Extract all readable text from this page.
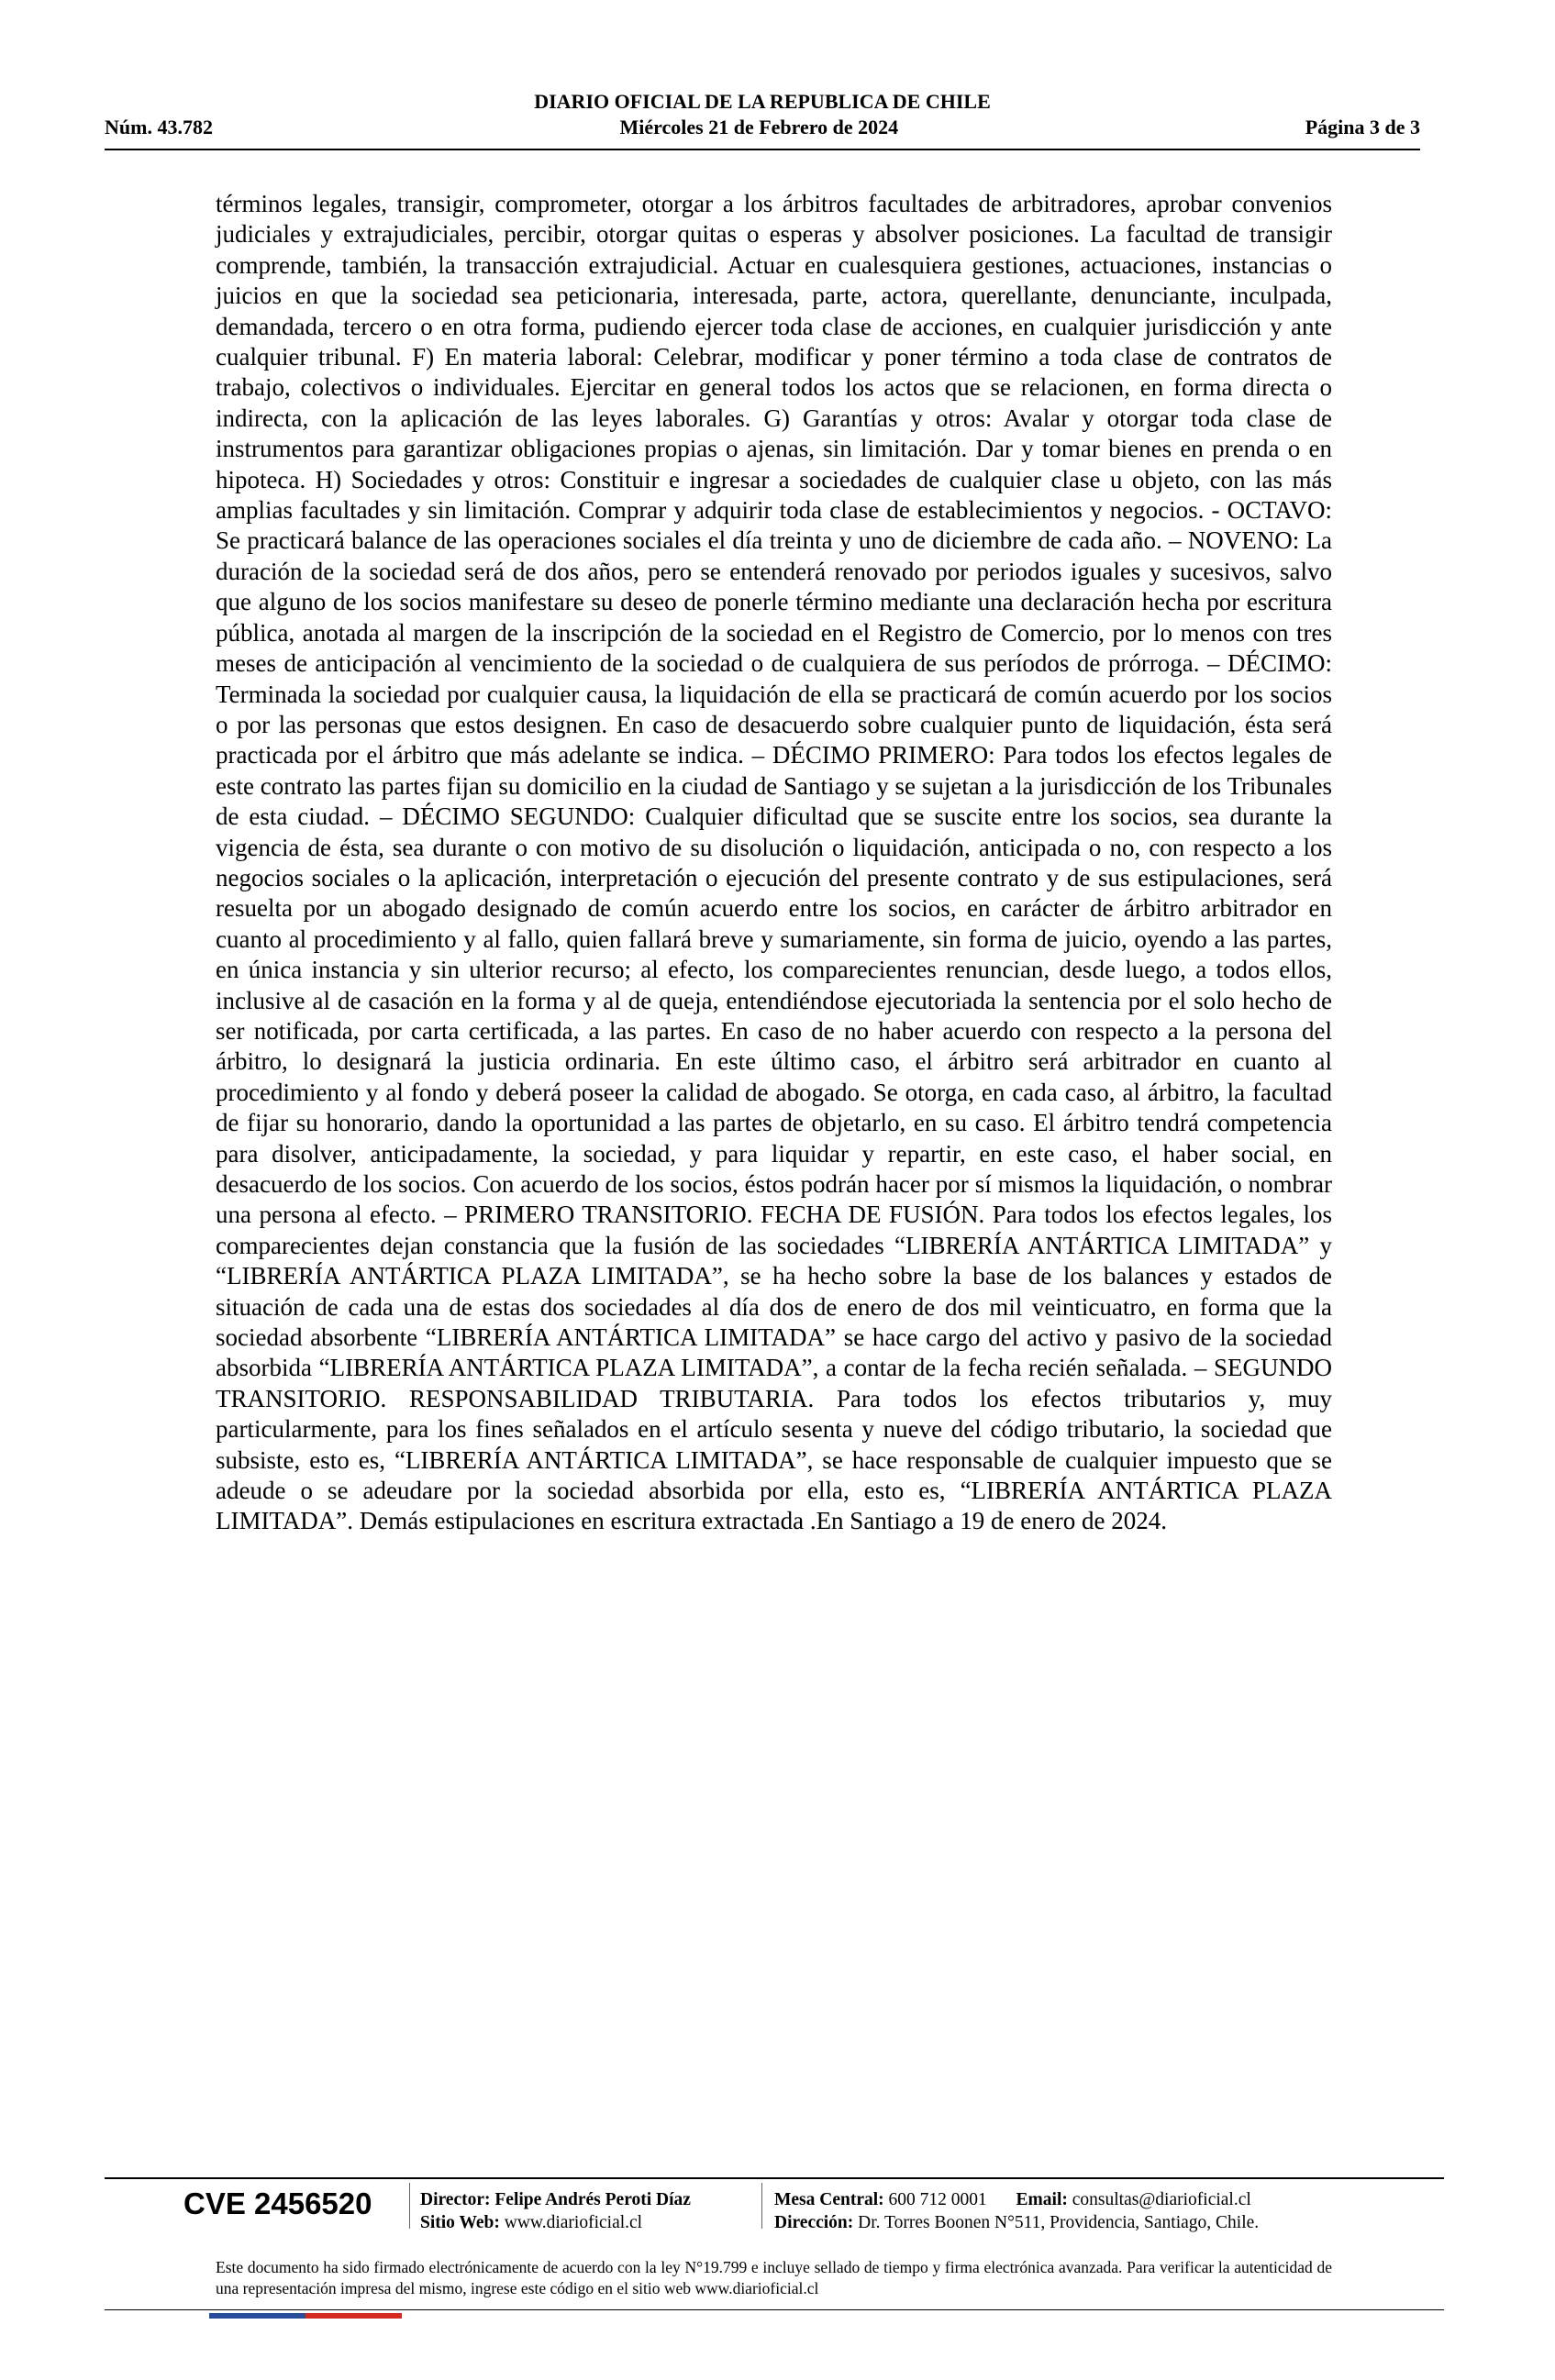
DIARIO OFICIAL DE LA REPUBLICA DE CHILE
Núm. 43.782	Miércoles 21 de Febrero de 2024	Página 3 de 3
términos legales, transigir, comprometer, otorgar a los árbitros facultades de arbitradores, aprobar convenios judiciales y extrajudiciales, percibir, otorgar quitas o esperas y absolver posiciones. La facultad de transigir comprende, también, la transacción extrajudicial. Actuar en cualesquiera gestiones, actuaciones, instancias o juicios en que la sociedad sea peticionaria, interesada, parte, actora, querellante, denunciante, inculpada, demandada, tercero o en otra forma, pudiendo ejercer toda clase de acciones, en cualquier jurisdicción y ante cualquier tribunal. F) En materia laboral: Celebrar, modificar y poner término a toda clase de contratos de trabajo, colectivos o individuales. Ejercitar en general todos los actos que se relacionen, en forma directa o indirecta, con la aplicación de las leyes laborales. G) Garantías y otros: Avalar y otorgar toda clase de instrumentos para garantizar obligaciones propias o ajenas, sin limitación. Dar y tomar bienes en prenda o en hipoteca. H) Sociedades y otros: Constituir e ingresar a sociedades de cualquier clase u objeto, con las más amplias facultades y sin limitación. Comprar y adquirir toda clase de establecimientos y negocios. - OCTAVO: Se practicará balance de las operaciones sociales el día treinta y uno de diciembre de cada año. – NOVENO: La duración de la sociedad será de dos años, pero se entenderá renovado por periodos iguales y sucesivos, salvo que alguno de los socios manifestare su deseo de ponerle término mediante una declaración hecha por escritura pública, anotada al margen de la inscripción de la sociedad en el Registro de Comercio, por lo menos con tres meses de anticipación al vencimiento de la sociedad o de cualquiera de sus períodos de prórroga. – DÉCIMO: Terminada la sociedad por cualquier causa, la liquidación de ella se practicará de común acuerdo por los socios o por las personas que estos designen. En caso de desacuerdo sobre cualquier punto de liquidación, ésta será practicada por el árbitro que más adelante se indica. – DÉCIMO PRIMERO: Para todos los efectos legales de este contrato las partes fijan su domicilio en la ciudad de Santiago y se sujetan a la jurisdicción de los Tribunales de esta ciudad. – DÉCIMO SEGUNDO: Cualquier dificultad que se suscite entre los socios, sea durante la vigencia de ésta, sea durante o con motivo de su disolución o liquidación, anticipada o no, con respecto a los negocios sociales o la aplicación, interpretación o ejecución del presente contrato y de sus estipulaciones, será resuelta por un abogado designado de común acuerdo entre los socios, en carácter de árbitro arbitrador en cuanto al procedimiento y al fallo, quien fallará breve y sumariamente, sin forma de juicio, oyendo a las partes, en única instancia y sin ulterior recurso; al efecto, los comparecientes renuncian, desde luego, a todos ellos, inclusive al de casación en la forma y al de queja, entendiéndose ejecutoriada la sentencia por el solo hecho de ser notificada, por carta certificada, a las partes. En caso de no haber acuerdo con respecto a la persona del árbitro, lo designará la justicia ordinaria. En este último caso, el árbitro será arbitrador en cuanto al procedimiento y al fondo y deberá poseer la calidad de abogado. Se otorga, en cada caso, al árbitro, la facultad de fijar su honorario, dando la oportunidad a las partes de objetarlo, en su caso. El árbitro tendrá competencia para disolver, anticipadamente, la sociedad, y para liquidar y repartir, en este caso, el haber social, en desacuerdo de los socios. Con acuerdo de los socios, éstos podrán hacer por sí mismos la liquidación, o nombrar una persona al efecto. – PRIMERO TRANSITORIO. FECHA DE FUSIÓN. Para todos los efectos legales, los comparecientes dejan constancia que la fusión de las sociedades “LIBRERÍA ANTÁRTICA LIMITADA” y “LIBRERÍA ANTÁRTICA PLAZA LIMITADA”, se ha hecho sobre la base de los balances y estados de situación de cada una de estas dos sociedades al día dos de enero de dos mil veinticuatro, en forma que la sociedad absorbente “LIBRERÍA ANTÁRTICA LIMITADA” se hace cargo del activo y pasivo de la sociedad absorbida “LIBRERÍA ANTÁRTICA PLAZA LIMITADA”, a contar de la fecha recién señalada. – SEGUNDO TRANSITORIO. RESPONSABILIDAD TRIBUTARIA. Para todos los efectos tributarios y, muy particularmente, para los fines señalados en el artículo sesenta y nueve del código tributario, la sociedad que subsiste, esto es, “LIBRERÍA ANTÁRTICA LIMITADA”, se hace responsable de cualquier impuesto que se adeude o se adeudare por la sociedad absorbida por ella, esto es, “LIBRERÍA ANTÁRTICA PLAZA LIMITADA”. Demás estipulaciones en escritura extractada .En Santiago a 19 de enero de 2024.
CVE 2456520	Director: Felipe Andrés Peroti Díaz
Sitio Web: www.diarioficial.cl
Mesa Central: 600 712 0001 Email: consultas@diarioficial.cl
Dirección: Dr. Torres Boonen N°511, Providencia, Santiago, Chile.
Este documento ha sido firmado electrónicamente de acuerdo con la ley N°19.799 e incluye sellado de tiempo y firma electrónica avanzada. Para verificar la autenticidad de una representación impresa del mismo, ingrese este código en el sitio web www.diarioficial.cl
